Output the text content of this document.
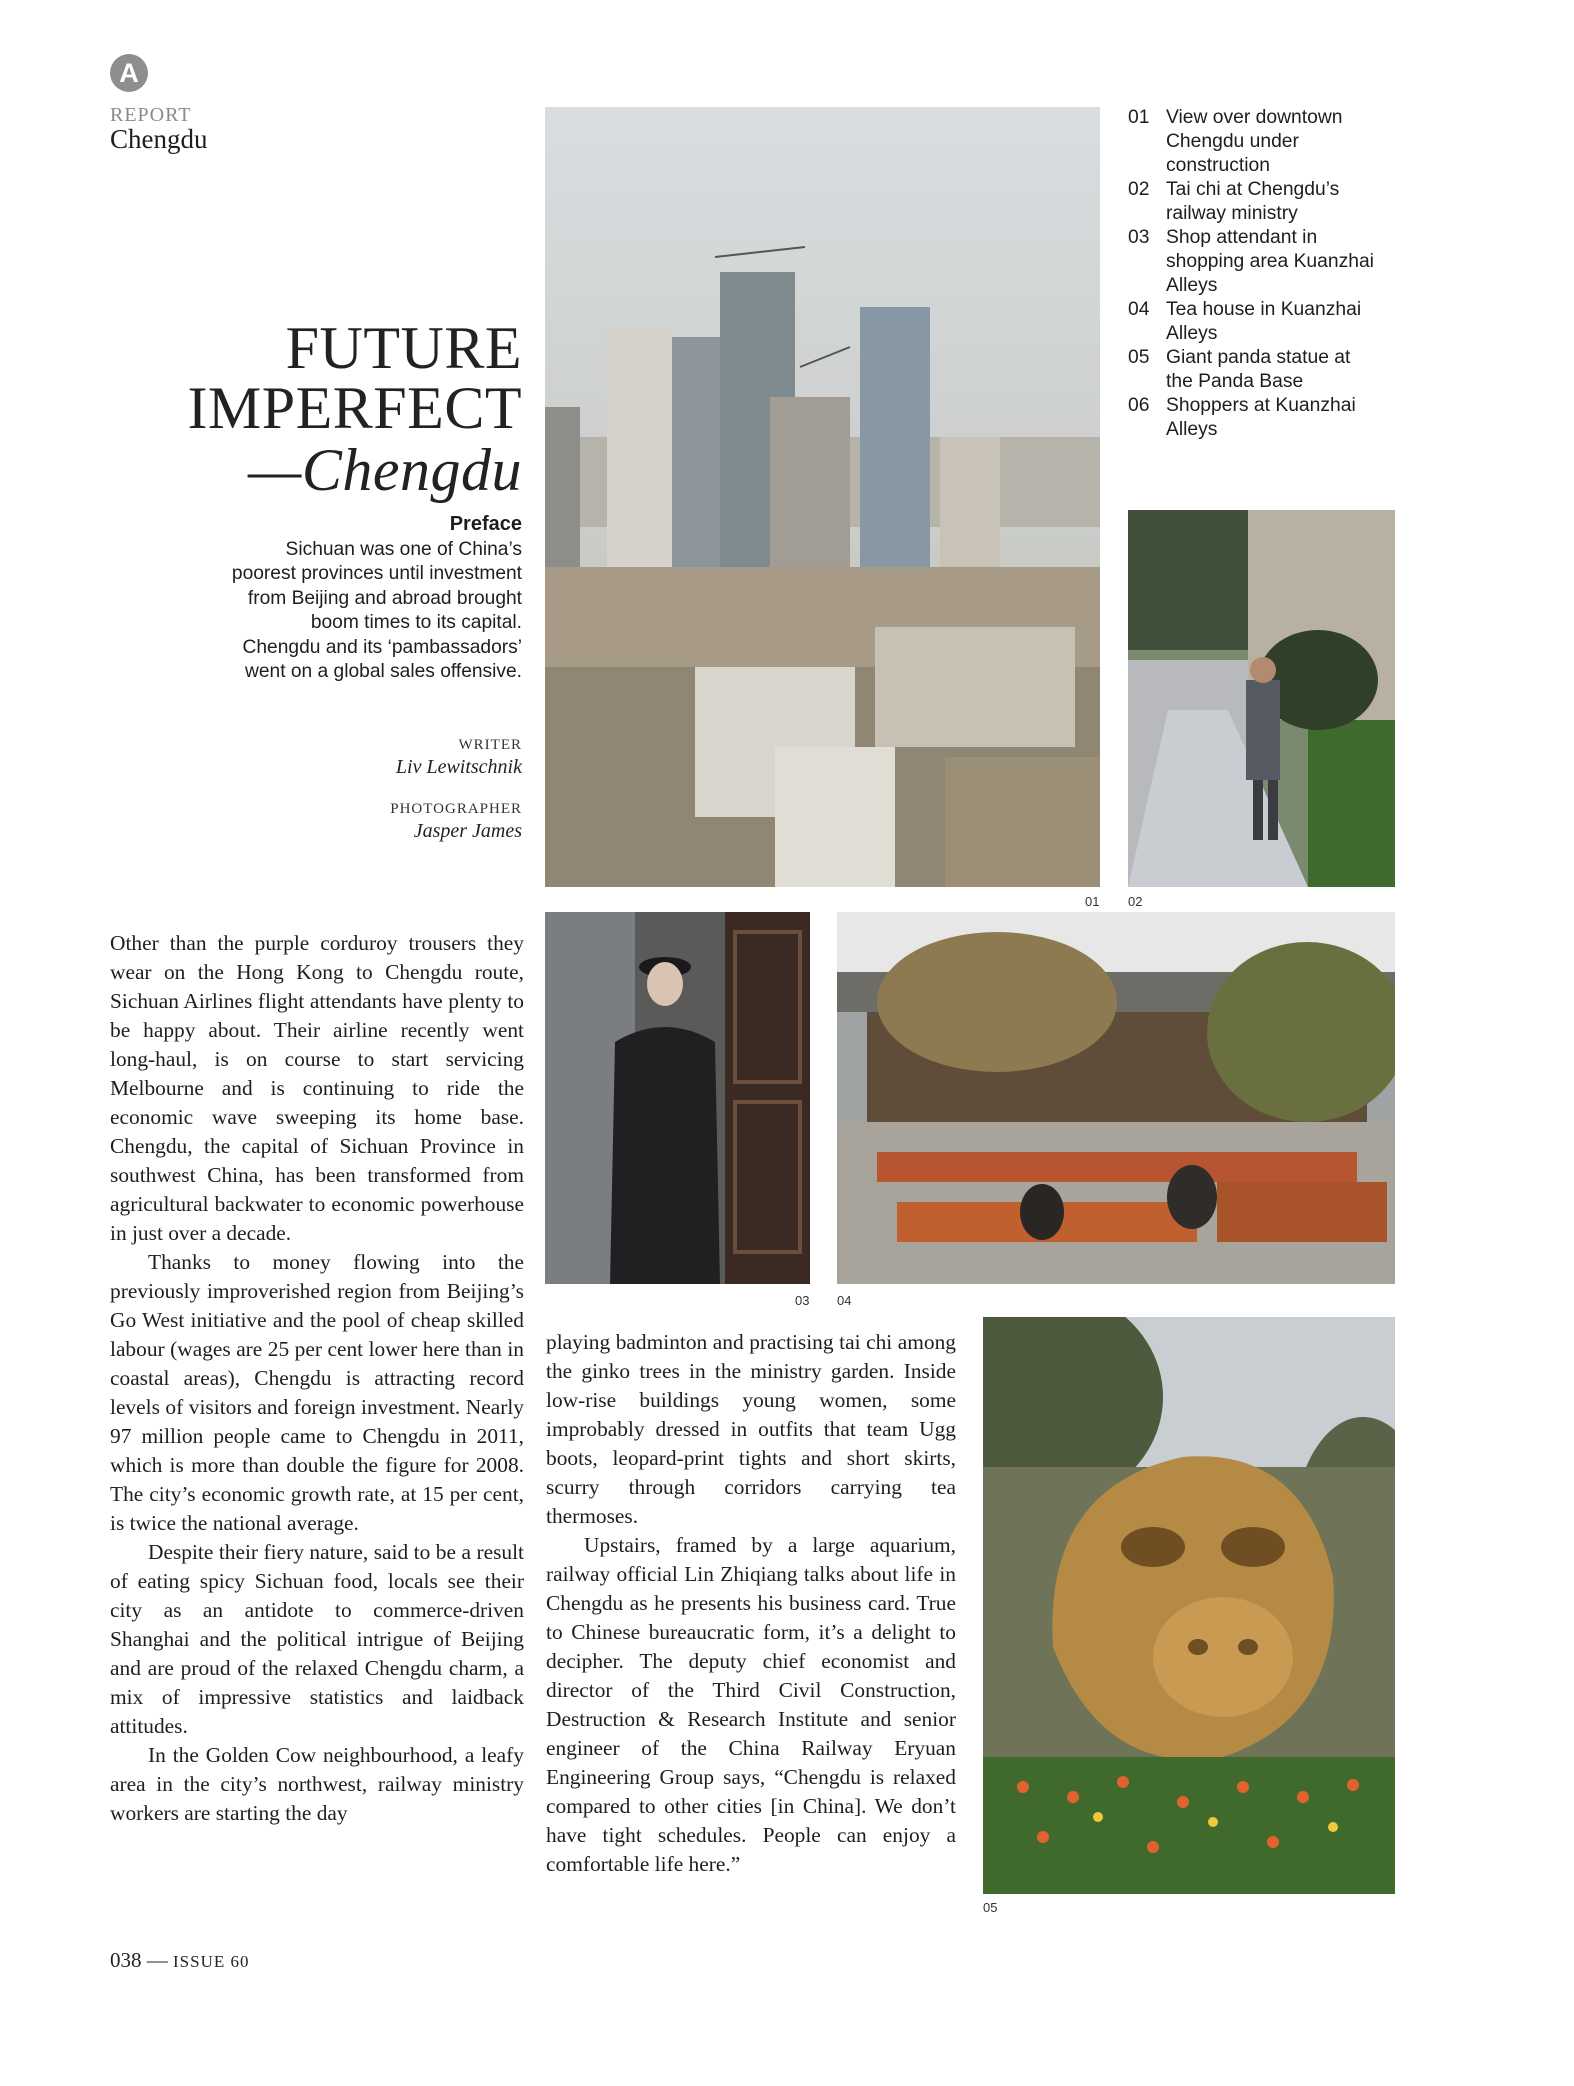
A
REPORT
Chengdu
FUTURE
IMPERFECT
—Chengdu
Preface
Sichuan was one of China’s poorest provinces until investment from Beijing and abroad brought boom times to its capital. Chengdu and its ‘pambassadors’ went on a global sales offensive.
WRITER
Liv Lewitschnik
PHOTOGRAPHER
Jasper James
01 View over downtown Chengdu under construction
02 Tai chi at Chengdu’s railway ministry
03 Shop attendant in shopping area Kuanzhai Alleys
04 Tea house in Kuanzhai Alleys
05 Giant panda statue at the Panda Base
06 Shoppers at Kuanzhai Alleys
01 02
03 04
05

Other than the purple corduroy trousers they wear on the Hong Kong to Chengdu route, Sichuan Airlines flight attendants have plenty to be happy about. Their airline recently went long-haul, is on course to start servicing Melbourne and is continuing to ride the economic wave sweeping its home base. Chengdu, the capital of Sichuan Province in southwest China, has been transformed from agricultural backwater to economic powerhouse in just over a decade.

Thanks to money flowing into the previously improverished region from Beijing’s Go West initiative and the pool of cheap skilled labour (wages are 25 per cent lower here than in coastal areas), Chengdu is attracting record levels of visitors and foreign investment. Nearly 97 million people came to Chengdu in 2011, which is more than double the figure for 2008. The city’s economic growth rate, at 15 per cent, is twice the national average.

Despite their fiery nature, said to be a result of eating spicy Sichuan food, locals see their city as an antidote to commerce-driven Shanghai and the political intrigue of Beijing and are proud of the relaxed Chengdu charm, a mix of impressive statistics and laidback attitudes.

In the Golden Cow neighbourhood, a leafy area in the city’s northwest, railway ministry workers are starting the day

playing badminton and practising tai chi among the ginko trees in the ministry garden. Inside low-rise buildings young women, some improbably dressed in outfits that team Ugg boots, leopard-print tights and short skirts, scurry through corridors carrying tea thermoses.

Upstairs, framed by a large aquarium, railway official Lin Zhiqiang talks about life in Chengdu as he presents his business card. True to Chinese bureaucratic form, it’s a delight to decipher. The deputy chief economist and director of the Third Civil Construction, Destruction & Research Institute and senior engineer of the China Railway Eryuan Engineering Group says, “Chengdu is relaxed compared to other cities [in China]. We don’t have tight schedules. People can enjoy a comfortable life here.”

038 — ISSUE 60
